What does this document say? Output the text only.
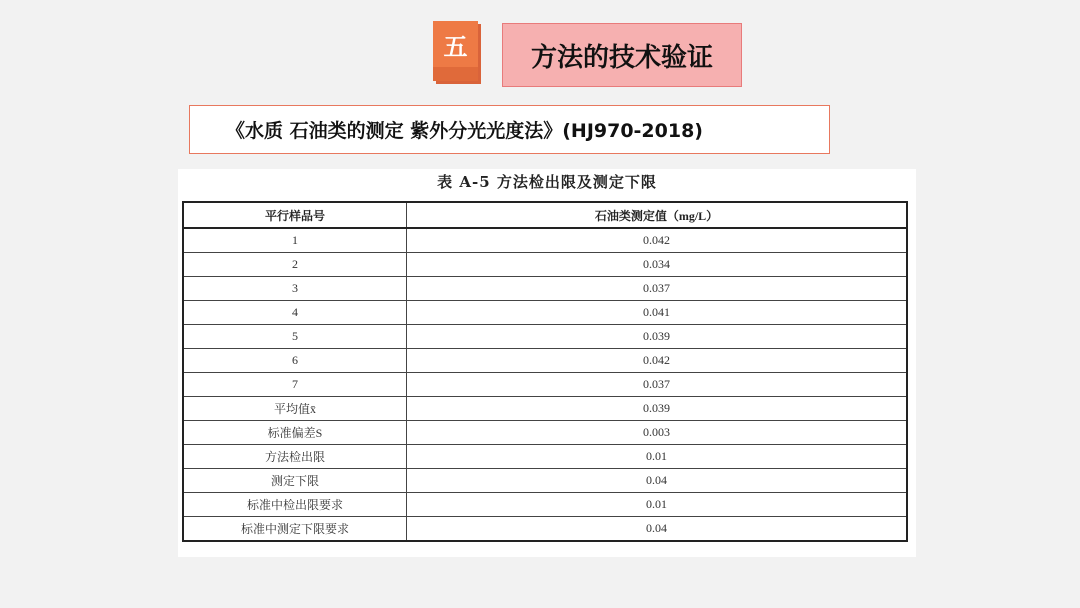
五	方法的技术验证
《水质 石油类的测定 紫外分光光度法》(HJ970-2018)
表 A-5 方法检出限及测定下限
平行样品号	石油类测定值（mg/L）
1	0.042
2	0.034
3	0.037
4	0.041
5	0.039
6	0.042
7	0.037
平均值x̄	0.039
标准偏差S	0.003
方法检出限	0.01
测定下限	0.04
标准中检出限要求	0.01
标准中测定下限要求	0.04
